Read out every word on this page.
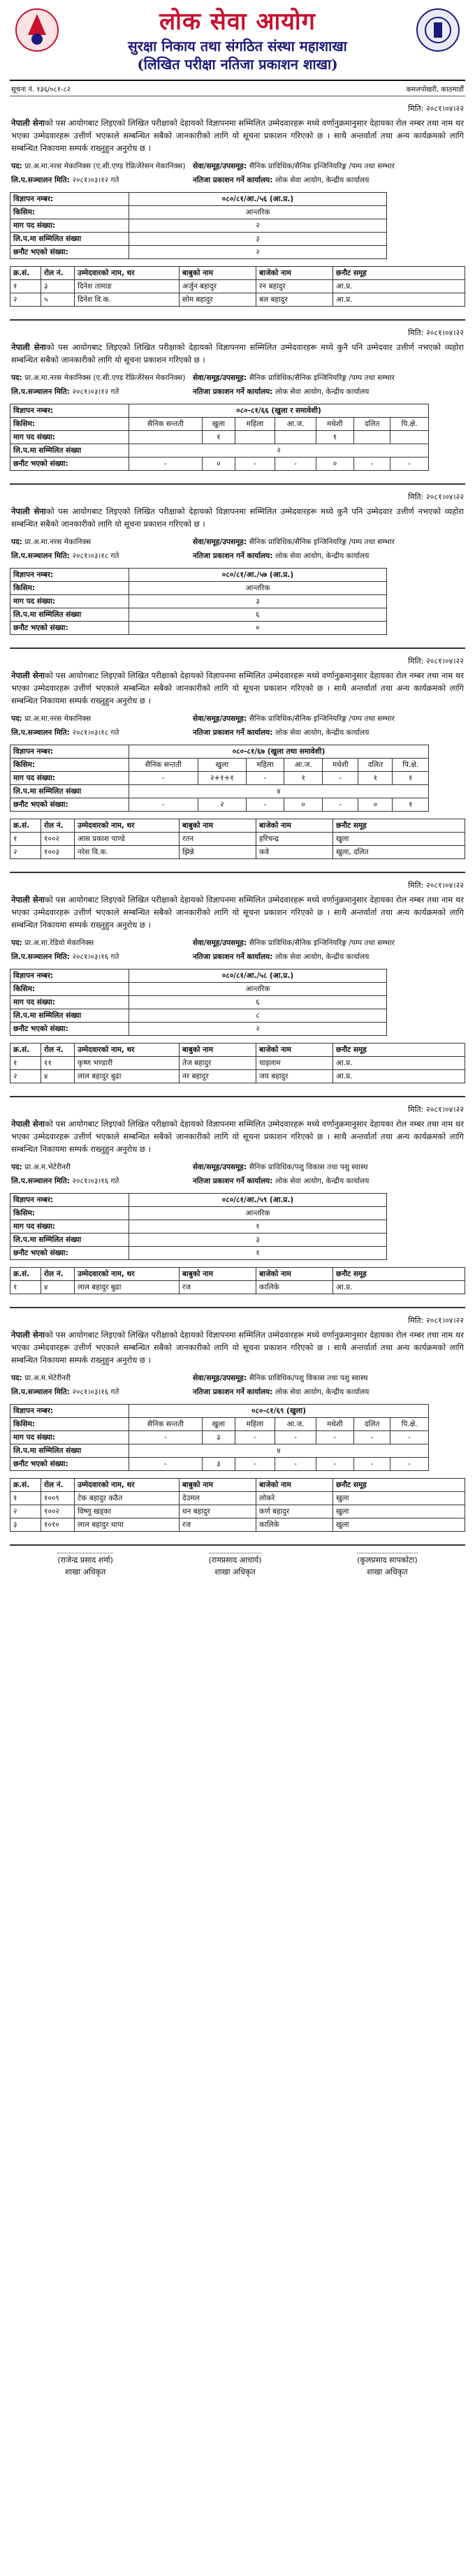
लोक सेवा आयोग
सुरक्षा निकाय तथा संगठित संस्था महाशाखा
(लिखित परीक्षा नतिजा प्रकाशन शाखा)
सूचना नं. १३६/०८१-८२	कमलपोखरी, काठमाडौं
मिति: २०८१।०४।२२

नेपाली सेनाको पस आयोगबाट लिइएको लिखित परीक्षाको देहायको विज्ञापनमा सम्मिलित उम्मेदवारहरू मध्ये वर्णानुक्रमानुसार देहायका रोल नम्बर तथा नाम थर भएका उम्मेदवारहरू उत्तीर्ण भएकाले सम्बन्धित सबैको जानकारीको लागि यो सूचना प्रकाशन गरिएको छ । साथै अन्तर्वार्ता तथा अन्य कार्यक्रमको लागि सम्बन्धित निकायमा सम्पर्क राख्नुहुन अनुरोध छ ।

पद: प्रा.अ.मा.नरस मेकानिक्स (ए.सी.एण्ड रेफ्रिजेरेसन मेकानिक्स) सेवा/समूह/उपसमूह: सैनिक प्राविधिक/सैनिक इन्जिनियरिङ्ग /पम्प तथा सम्भार
लि.प.सञ्चालन मिति: २०८१।०३।१२ गते	नतिजा प्रकाशन गर्ने कार्यालय: लोक सेवा आयोग, केन्द्रीय कार्यालय
विज्ञापन नम्बर:	०८०/८१/आ./५६ (आ.प्र.)
किसिम:	आन्तरिक
माग पद संख्या:	२
लि.प.मा सम्मिलित संख्या	३
छनौट भएको संख्या:	२
क्र.सं.	रोल नं.	उम्मेदवारको नाम, थर	बाबुको नाम	बाजेको नाम	छनौट समूह
१	३	दिनेश तामाङ	अर्जुन बहादुर	रन बहादुर	आ.प्र.
२	५	दिनेश वि.क.	सोम बहादुर	बल बहादुर	आ.प्र.
मिति: २०८१।०४।२२

नेपाली सेनाको पस आयोगबाट लिइएको लिखित परीक्षाको देहायको विज्ञापनमा सम्मिलित उम्मेदवारहरू मध्ये कुनै पनि उम्मेदवार उत्तीर्ण नभएको व्यहोरा सम्बन्धित सबैको जानकारीको लागि यो सूचना प्रकाशन गरिएको छ ।

पद: प्रा.अ.मा.नरस मेकानिक्स (ए.सी.एण्ड रेफ्रिजेरेसन मेकानिक्स) सेवा/समूह/उपसमूह: सैनिक प्राविधिक/सैनिक इन्जिनियरिङ्ग /पम्प तथा सम्भार
लि.प.सञ्चालन मिति: २०८१।०३।१२ गते	नतिजा प्रकाशन गर्ने कार्यालय: लोक सेवा आयोग, केन्द्रीय कार्यालय
विज्ञापन नम्बर:	०८०-८१/६६ (खुला र समावेशी)						
किसिम:	सैनिक सन्तती	खुला	महिला	आ.ज.	मधेशी	दलित	पि.क्षे.
माग पद संख्या:		१			१		
लि.प.मा सम्मिलित संख्या	२						
छनौट भएको संख्या:	-	०	-	-	०	-	-
मिति: २०८१।०४।२२

नेपाली सेनाको पस आयोगबाट लिइएको लिखित परीक्षाको देहायको विज्ञापनमा सम्मिलित उम्मेदवारहरू मध्ये कुनै पनि उम्मेदवार उत्तीर्ण नभएको व्यहोरा सम्बन्धित सबैको जानकारीको लागि यो सूचना प्रकाशन गरिएको छ ।

पद: प्रा.अ.मा.नरस मेकानिक्स	सेवा/समूह/उपसमूह: सैनिक प्राविधिक/सैनिक इन्जिनियरिङ्ग /पम्प तथा सम्भार
लि.प.सञ्चालन मिति: २०८१।०३।१८ गते	नतिजा प्रकाशन गर्ने कार्यालय: लोक सेवा आयोग, केन्द्रीय कार्यालय
विज्ञापन नम्बर:	०८०/८१/आ./५७ (आ.प्र.)
किसिम:	आन्तरिक
माग पद संख्या:	३
लि.प.मा सम्मिलित संख्या	६
छनौट भएको संख्या:	०
मिति: २०८१।०४।२२

नेपाली सेनाको पस आयोगबाट लिइएको लिखित परीक्षाको देहायको विज्ञापनमा सम्मिलित उम्मेदवारहरू मध्ये वर्णानुक्रमानुसार देहायका रोल नम्बर तथा नाम थर भएका उम्मेदवारहरू उत्तीर्ण भएकाले सम्बन्धित सबैको जानकारीको लागि यो सूचना प्रकाशन गरिएको छ । साथै अन्तर्वार्ता तथा अन्य कार्यक्रमको लागि सम्बन्धित निकायमा सम्पर्क राख्नुहुन अनुरोध छ ।

पद: प्रा.अ.मा.नरस मेकानिक्स	सेवा/समूह/उपसमूह: सैनिक प्राविधिक/सैनिक इन्जिनियरिङ्ग /पम्प तथा सम्भार
लि.प.सञ्चालन मिति: २०८१।०३।१८ गते	नतिजा प्रकाशन गर्ने कार्यालय: लोक सेवा आयोग, केन्द्रीय कार्यालय
विज्ञापन नम्बर:	०८०-८१/६७ (खुला तथा समावेशी)						
किसिम:	सैनिक सन्तती	खुला	महिला	आ.ज.	मधेशी	दलित	पि.क्षे.
माग पद संख्या:	-	२+१+१	-	१	-	१	१
लि.प.मा सम्मिलित संख्या	४						
छनौट भएको संख्या:	-	२	-	०	-	०	१
क्र.सं.	रोल नं.	उम्मेदवारको नाम, थर	बाबुको नाम	बाजेको नाम	छनौट समूह
१	१००२	आस प्रकाश पाण्डे	रतन	हरिचन्द्र	खुला
२	१००३	नरेश वि.क.	झिन्ने	कवे	खुला, दलित
मिति: २०८१।०४।२२

नेपाली सेनाको पस आयोगबाट लिइएको लिखित परीक्षाको देहायको विज्ञापनमा सम्मिलित उम्मेदवारहरू मध्ये वर्णानुक्रमानुसार देहायका रोल नम्बर तथा नाम थर भएका उम्मेदवारहरू उत्तीर्ण भएकाले सम्बन्धित सबैको जानकारीको लागि यो सूचना प्रकाशन गरिएको छ । साथै अन्तर्वार्ता तथा अन्य कार्यक्रमको लागि सम्बन्धित निकायमा सम्पर्क राख्नुहुन अनुरोध छ ।

पद: प्रा.अ.मा.रेडियो मेकानिक्स	सेवा/समूह/उपसमूह: सैनिक प्राविधिक/सैनिक इन्जिनियरिङ्ग /पम्प तथा सम्भार
लि.प.सञ्चालन मिति: २०८१।०३।१६ गते	नतिजा प्रकाशन गर्ने कार्यालय: लोक सेवा आयोग, केन्द्रीय कार्यालय
विज्ञापन नम्बर:	०८०/८१/आ./५८ (आ.प्र.)
किसिम:	आन्तरिक
माग पद संख्या:	६
लि.प.मा सम्मिलित संख्या	८
छनौट भएको संख्या:	२
क्र.सं.	रोल नं.	उम्मेदवारको नाम, थर	बाबुको नाम	बाजेको नाम	छनौट समूह
१	११	कृष्ण भण्डारी	तेज बहादुर	चाइलाम	आ.प्र.
२	४	लाल बहादुर बुढा	नर बहादुर	जय बहादुर	आ.प्र.
मिति: २०८१।०४।२२

नेपाली सेनाको पस आयोगबाट लिइएको लिखित परीक्षाको देहायको विज्ञापनमा सम्मिलित उम्मेदवारहरू मध्ये वर्णानुक्रमानुसार देहायका रोल नम्बर तथा नाम थर भएका उम्मेदवारहरू उत्तीर्ण भएकाले सम्बन्धित सबैको जानकारीको लागि यो सूचना प्रकाशन गरिएको छ । साथै अन्तर्वार्ता तथा अन्य कार्यक्रमको लागि सम्बन्धित निकायमा सम्पर्क राख्नुहुन अनुरोध छ ।

पद: प्रा.अ.म.भेटेरीनरी	सेवा/समूह/उपसमूह: सैनिक प्राविधिक/पशु विकास तथा पशु स्वास्थ
लि.प.सञ्चालन मिति: २०८१।०३।१६ गते	नतिजा प्रकाशन गर्ने कार्यालय: लोक सेवा आयोग, केन्द्रीय कार्यालय
विज्ञापन नम्बर:	०८०/८१/आ./५९ (आ.प्र.)
किसिम:	आन्तरिक
माग पद संख्या:	१
लि.प.मा सम्मिलित संख्या	३
छनौट भएको संख्या:	१
क्र.सं.	रोल नं.	उम्मेदवारको नाम, थर	बाबुको नाम	बाजेको नाम	छनौट समूह
१	४	लाल बहादुर बुढा	रज	कालिके	आ.प्र.
मिति: २०८१।०४।२२

नेपाली सेनाको पस आयोगबाट लिइएको लिखित परीक्षाको देहायको विज्ञापनमा सम्मिलित उम्मेदवारहरू मध्ये वर्णानुक्रमानुसार देहायका रोल नम्बर तथा नाम थर भएका उम्मेदवारहरू उत्तीर्ण भएकाले सम्बन्धित सबैको जानकारीको लागि यो सूचना प्रकाशन गरिएको छ । साथै अन्तर्वार्ता तथा अन्य कार्यक्रमको लागि सम्बन्धित निकायमा सम्पर्क राख्नुहुन अनुरोध छ ।

पद: प्रा.अ.म.भेटेरीनरी	सेवा/समूह/उपसमूह: सैनिक प्राविधिक/पशु विकास तथा पशु स्वास्थ
लि.प.सञ्चालन मिति: २०८१।०३।१६ गते	नतिजा प्रकाशन गर्ने कार्यालय: लोक सेवा आयोग, केन्द्रीय कार्यालय
विज्ञापन नम्बर:	०८०-८१/६९ (खुला)						
किसिम:	सैनिक सन्तती	खुला	महिला	आ.ज.	मधेशी	दलित	पि.क्षे.
माग पद संख्या:	-	३	-	-	-	-	-
लि.प.मा सम्मिलित संख्या	४						
छनौट भएको संख्या:	-	३	-	-	-	-	-
क्र.सं.	रोल नं.	उम्मेदवारको नाम, थर	बाबुको नाम	बाजेको नाम	छनौट समूह
१	१००९	टेक बहादुर कठैत	देउमल	लोकरे	खुला
२	१००२	विष्णु खड्का	धन बहादुर	कर्ण बहादुर	खुला
३	१०१०	लाल बहादुर थापा	रज	कालिके	खुला
(राजेन्द्र प्रसाद शर्मा)
शाखा अधिकृत
(रामप्रसाद आचार्य)
शाखा अधिकृत
(कुलप्रसाद सापकोटा)
शाखा अधिकृत
